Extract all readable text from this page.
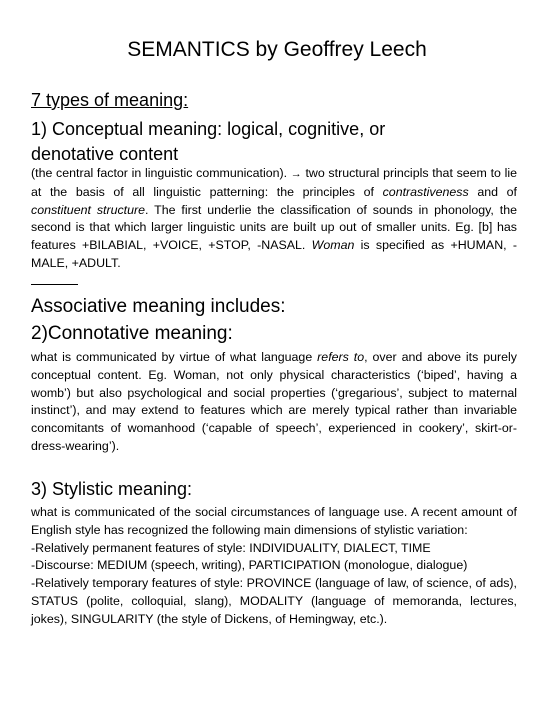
SEMANTICS by Geoffrey Leech
7 types of meaning:
1) Conceptual meaning: logical, cognitive, or
denotative content
(the central factor in linguistic communication). → two structural principls that seem to lie at the basis of all linguistic patterning: the principles of contrastiveness and of constituent structure. The first underlie the classification of sounds in phonology, the second is that which larger linguistic units are built up out of smaller units. Eg. [b] has features +BILABIAL, +VOICE, +STOP, -NASAL. Woman is specified as +HUMAN, -MALE, +ADULT.
Associative meaning includes:
2)Connotative meaning:
what is communicated by virtue of what language refers to, over and above its purely conceptual content. Eg. Woman, not only physical characteristics (‘biped’, having a womb’) but also psychological and social properties (‘gregarious’, subject to maternal instinct’), and may extend to features which are merely typical rather than invariable concomitants of womanhood (‘capable of speech’, experienced in cookery’, skirt-or-dress-wearing’).
3) Stylistic meaning:
what is communicated of the social circumstances of language use. A recent amount of English style has recognized the following main dimensions of stylistic variation:
-Relatively permanent features of style: INDIVIDUALITY, DIALECT, TIME
-Discourse: MEDIUM (speech, writing), PARTICIPATION (monologue, dialogue)
-Relatively temporary features of style: PROVINCE (language of law, of science, of ads), STATUS (polite, colloquial, slang), MODALITY (language of memoranda, lectures, jokes), SINGULARITY (the style of Dickens, of Hemingway, etc.).
